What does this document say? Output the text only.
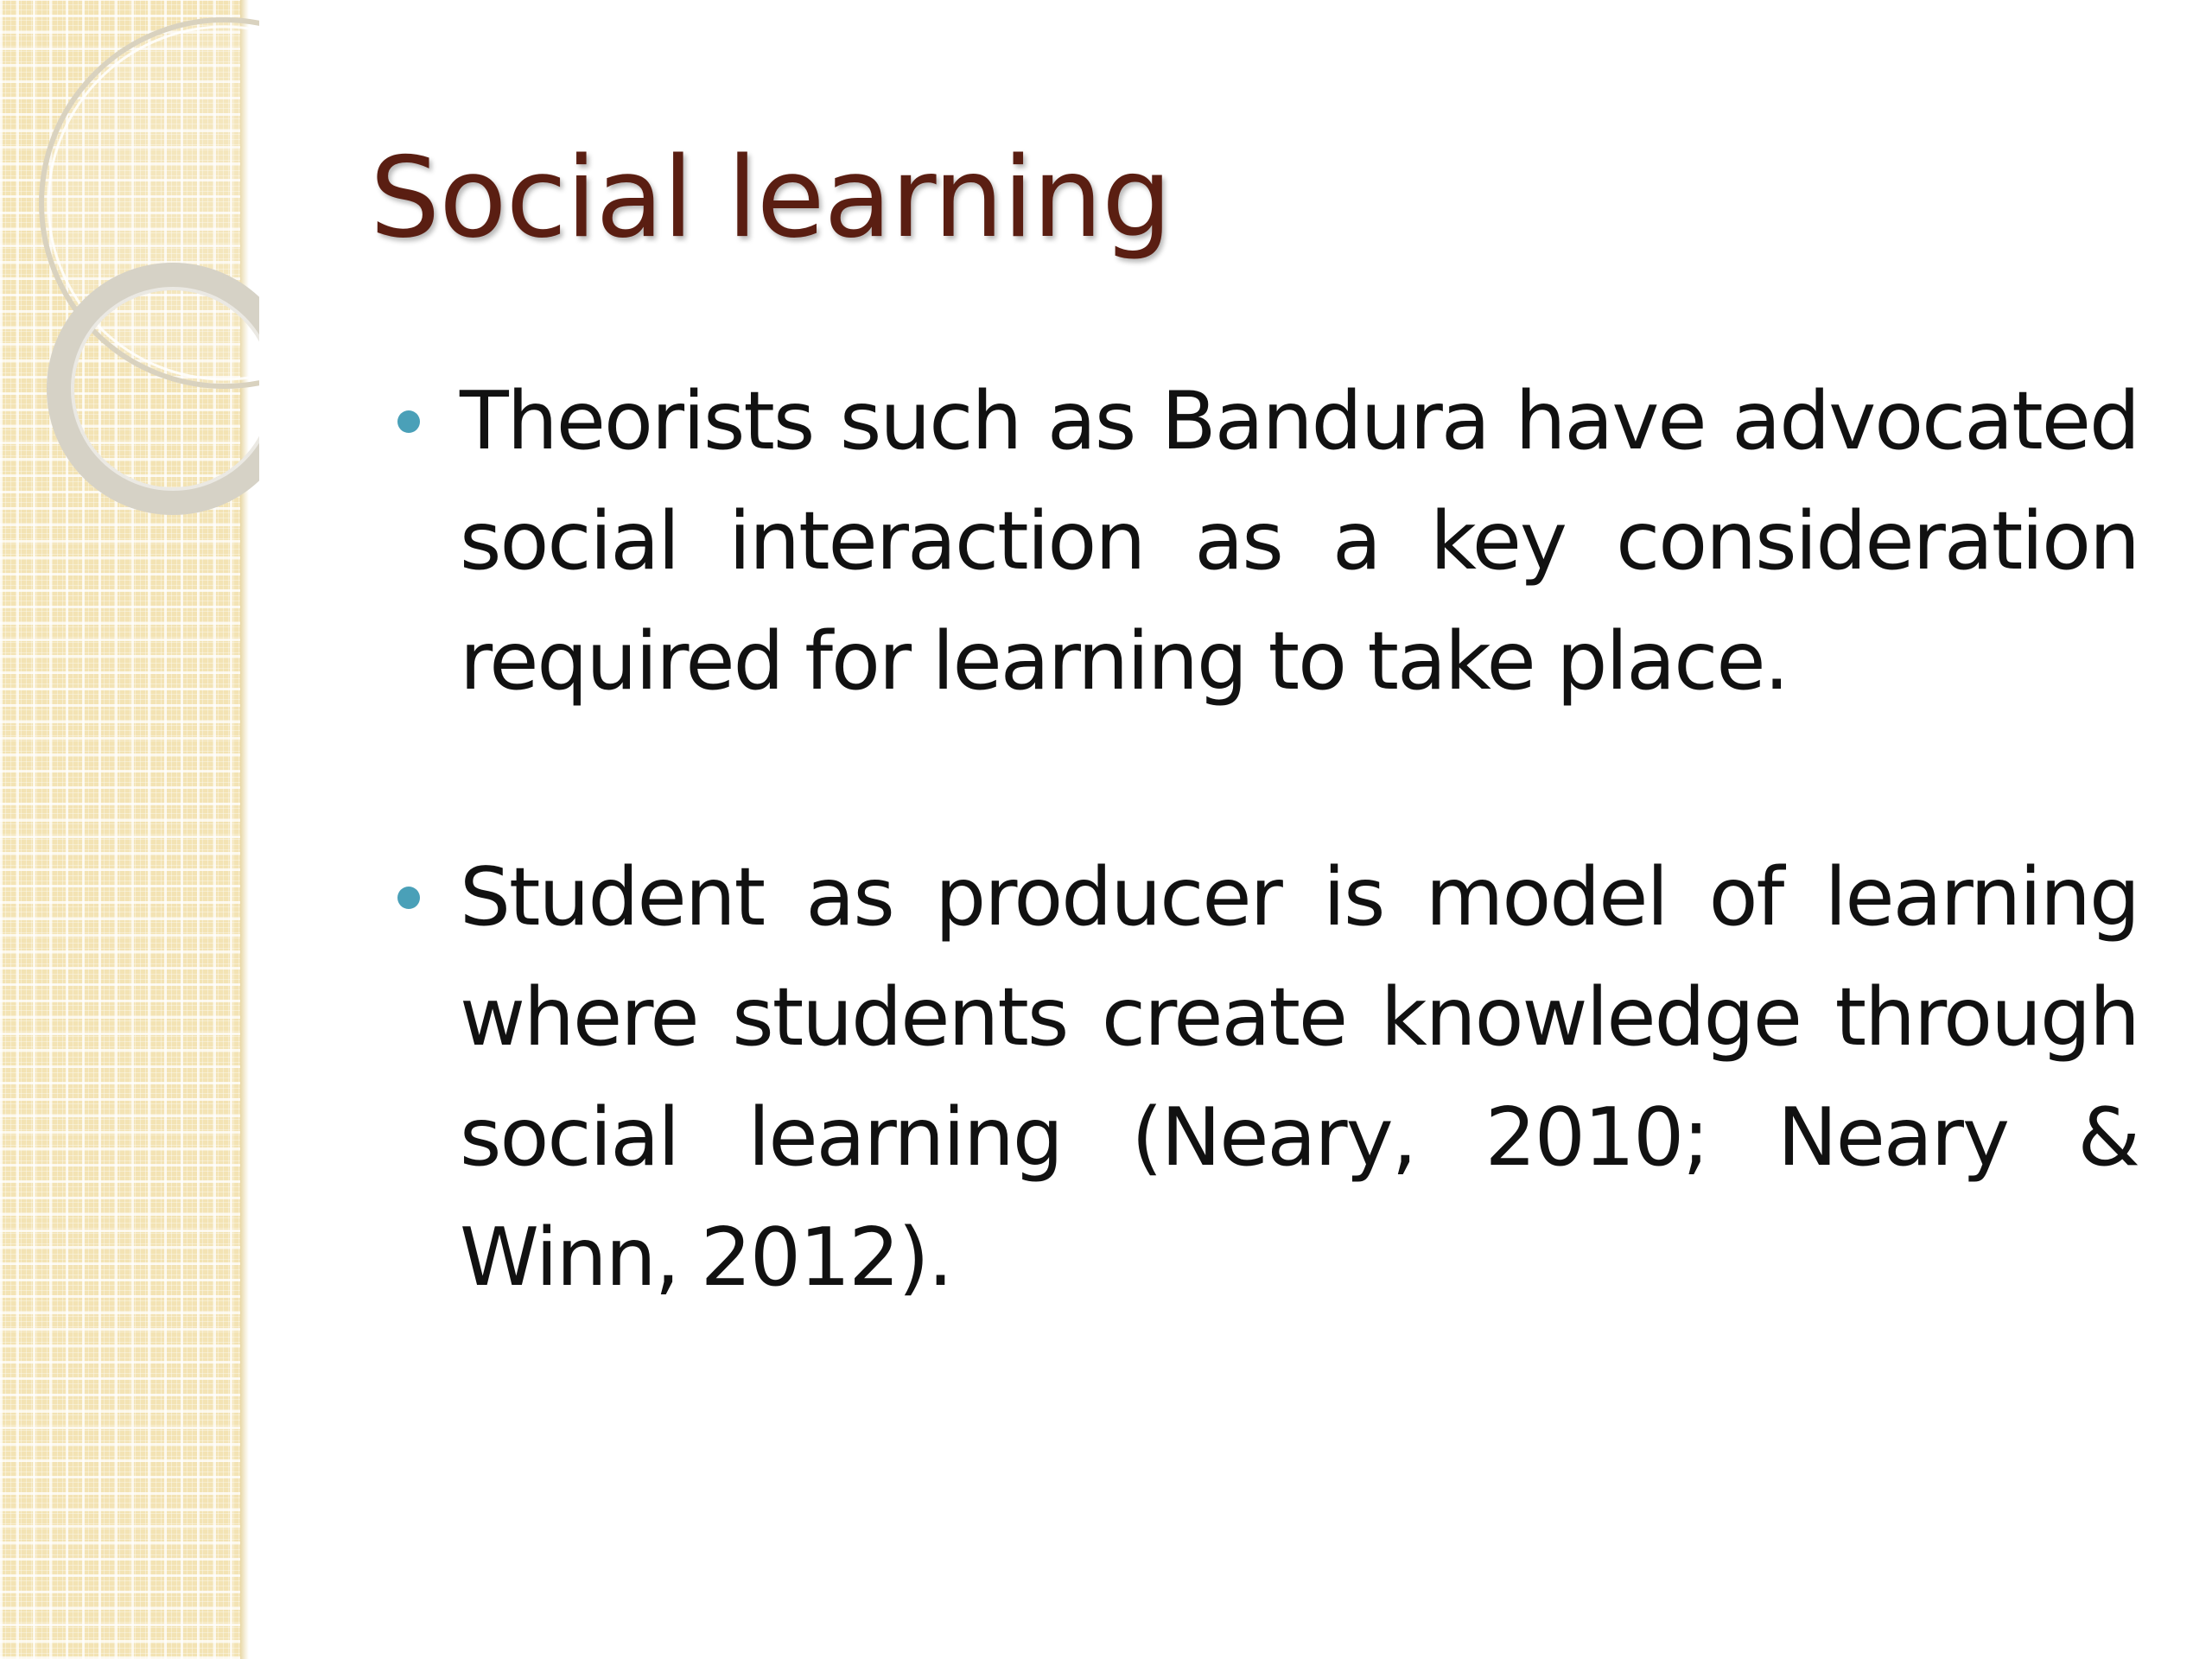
Social learning
Theorists such as Bandura have advocated social interaction as a key consideration required for learning to take place.
Student as producer is model of learning where students create knowledge through social learning (Neary, 2010; Neary & Winn, 2012).
